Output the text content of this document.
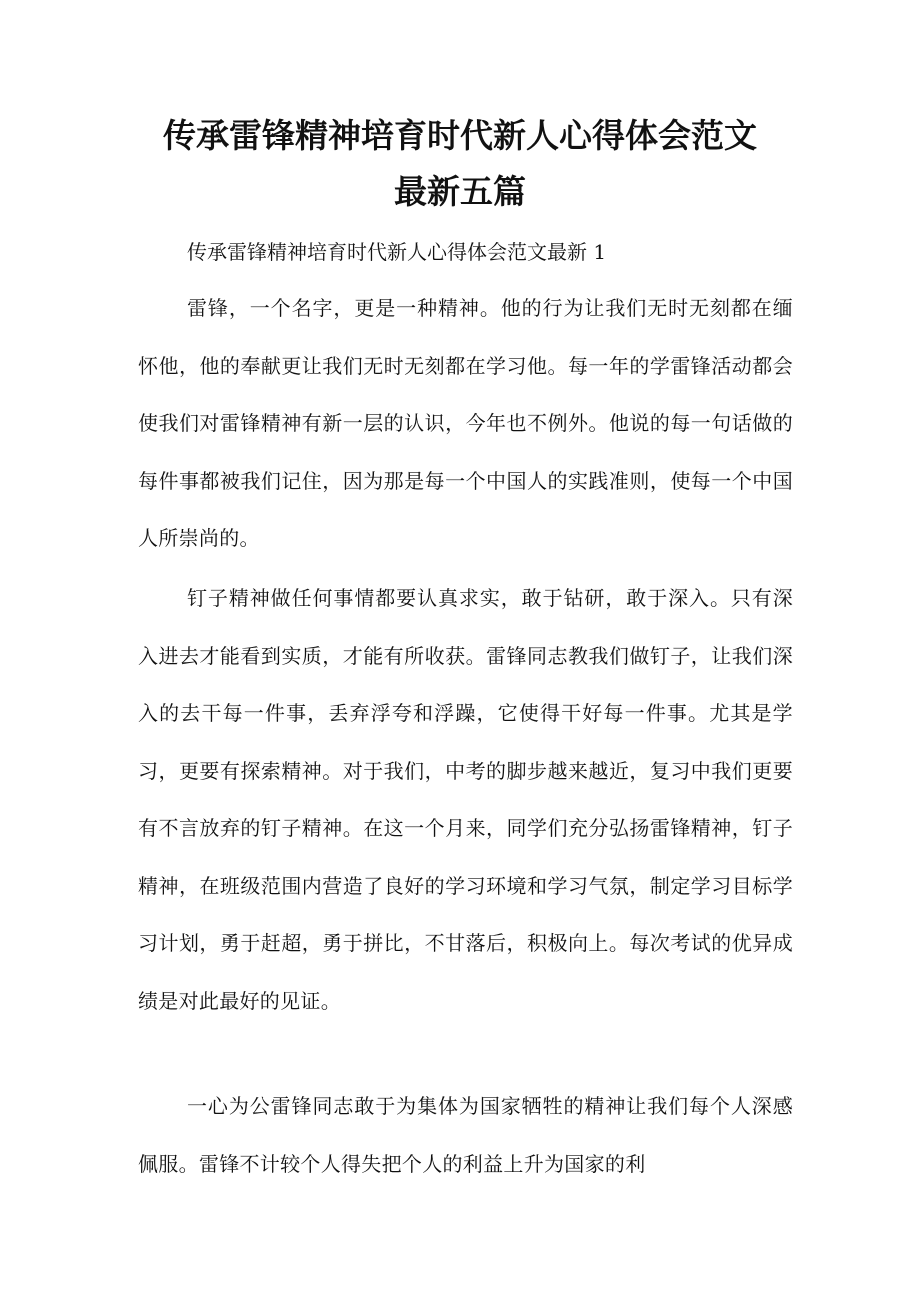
传承雷锋精神培育时代新人心得体会范文
最新五篇

传承雷锋精神培育时代新人心得体会范文最新 1

雷锋，一个名字，更是一种精神。他的行为让我们无时无刻都在缅怀他，他的奉献更让我们无时无刻都在学习他。每一年的学雷锋活动都会使我们对雷锋精神有新一层的认识，今年也不例外。他说的每一句话做的每件事都被我们记住，因为那是每一个中国人的实践准则，使每一个中国人所崇尚的。

钉子精神做任何事情都要认真求实，敢于钻研，敢于深入。只有深入进去才能看到实质，才能有所收获。雷锋同志教我们做钉子，让我们深入的去干每一件事，丢弃浮夸和浮躁，它使得干好每一件事。尤其是学习，更要有探索精神。对于我们，中考的脚步越来越近，复习中我们更要有不言放弃的钉子精神。在这一个月来，同学们充分弘扬雷锋精神，钉子精神，在班级范围内营造了良好的学习环境和学习气氛，制定学习目标学习计划，勇于赶超，勇于拼比，不甘落后，积极向上。每次考试的优异成绩是对此最好的见证。

一心为公雷锋同志敢于为集体为国家牺牲的精神让我们每个人深感佩服。雷锋不计较个人得失把个人的利益上升为国家的利
